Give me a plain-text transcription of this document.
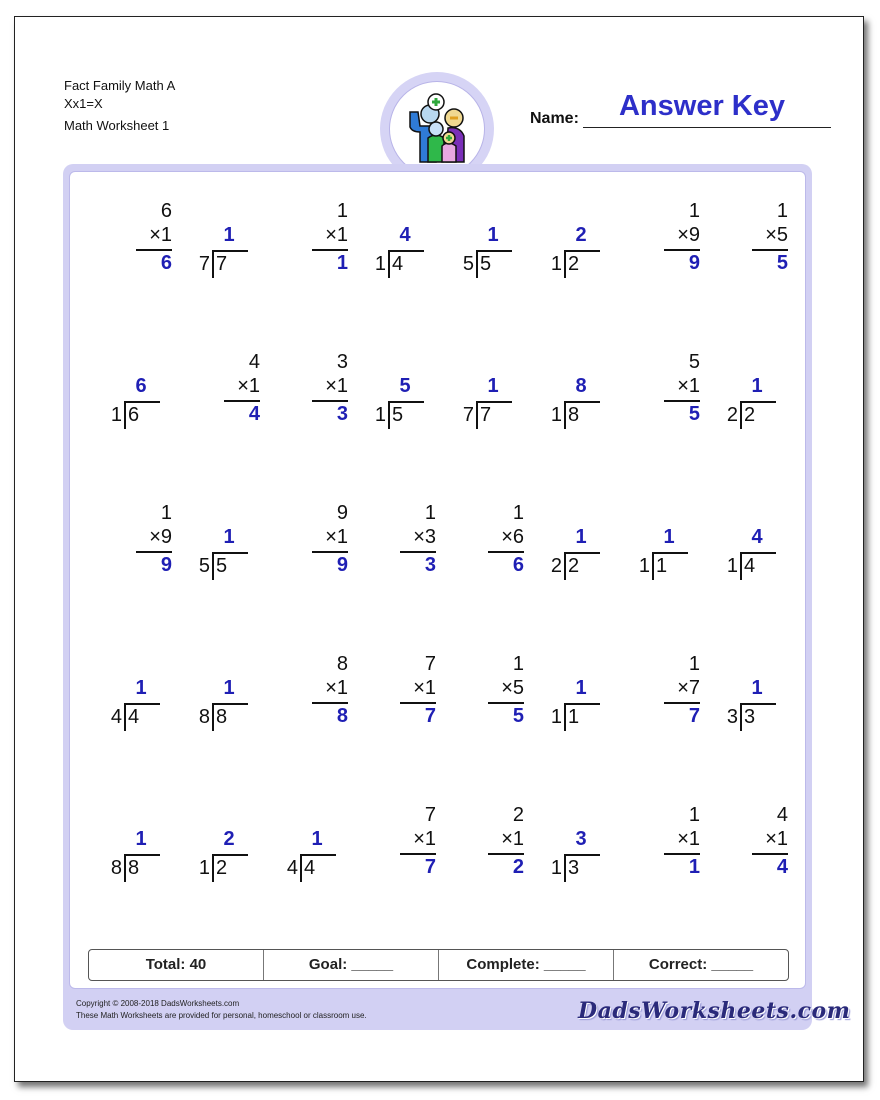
Fact Family Math A
Xx1=X
Math Worksheet 1	Name:	Answer Key
6
×1
6
1
7 7
1
×1
1
4
1 4
1
5 5
2
1 2
1
×9
9
1
×5
5
6
1 6
4
×1
4
3
×1
3
5
1 5
1
7 7
8
1 8
5
×1
5
1
2 2
1
×9
9
1
5 5
9
×1
9
1
×3
3
1
×6
6
1
2 2
1
1 1
4
1 4
1
4 4
1
8 8
8
×1
8
7
×1
7
1
×5
5
1
1 1
1
×7
7
1
3 3
1
8 8
2
1 2
1
4 4
7
×1
7
2
×1
2
3
1 3
1
×1
1
4
×1
4
Total: 40	Goal: _____	Complete: _____	Correct: _____
Copyright © 2008-2018 DadsWorksheets.com
These Math Worksheets are provided for personal, homeschool or classroom use.	DadsWorksheets.com
